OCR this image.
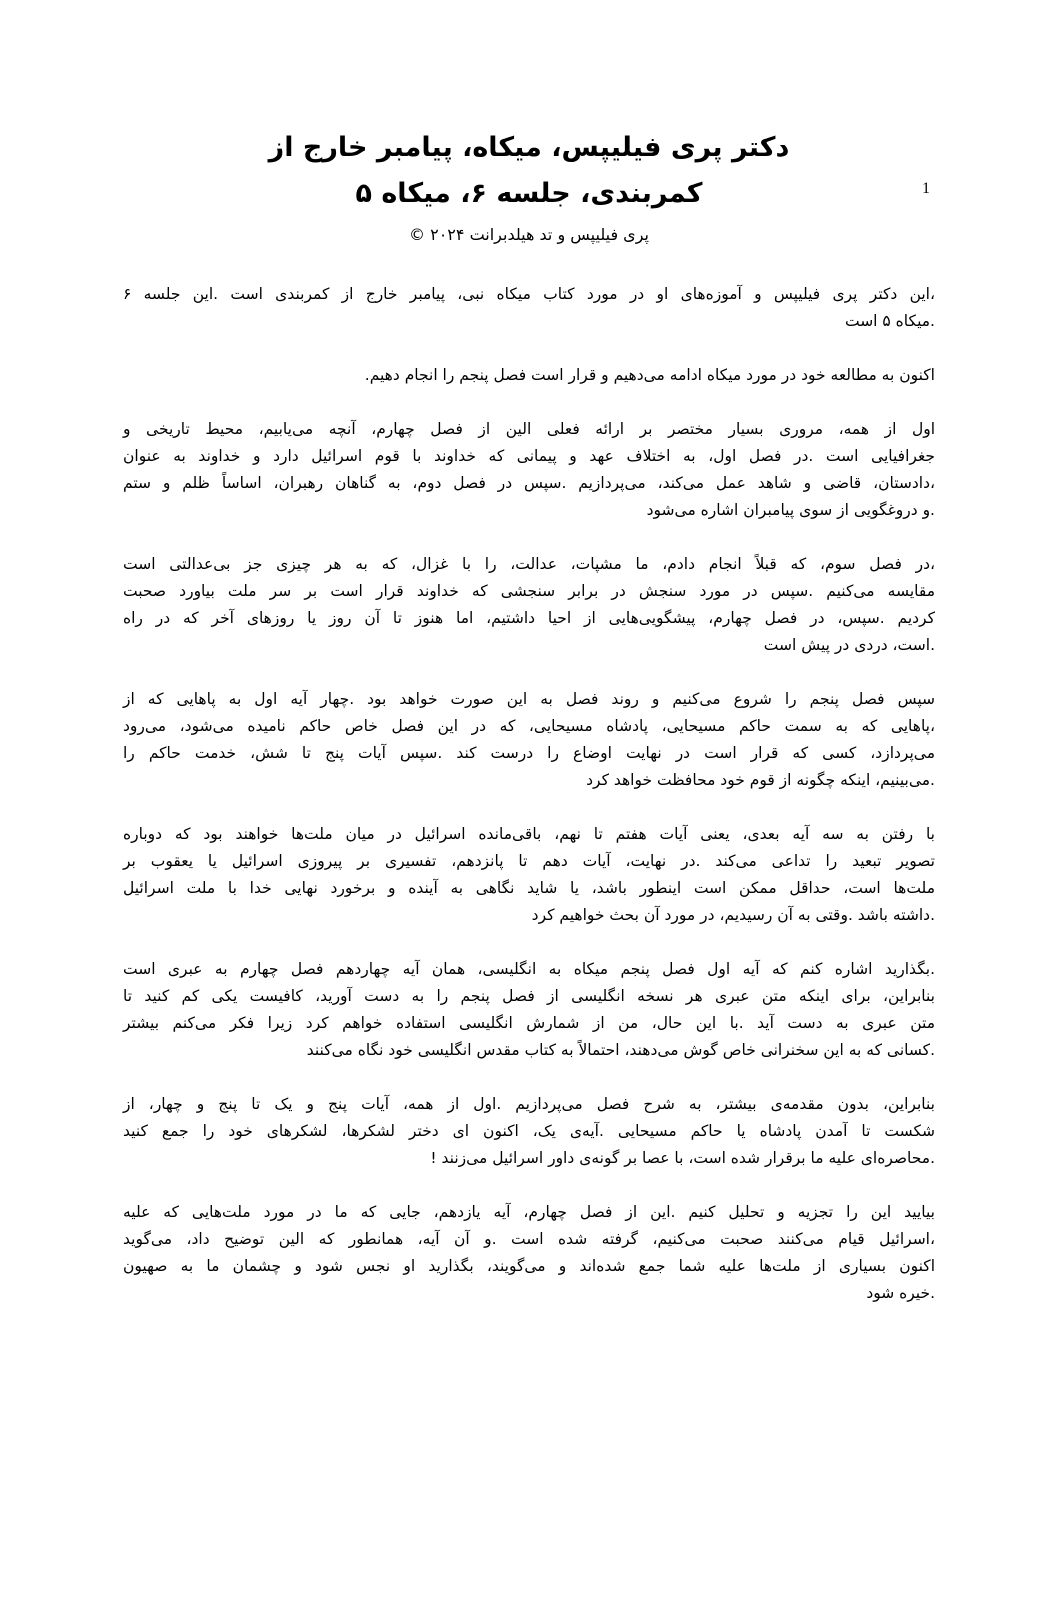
1
دکتر پری فیلیپس، میکاه، پیامبر خارج از
کمربندی، جلسه ۶، میکاه ۵
پری فیلیپس و تد هیلدبرانت ۲۰۲۴ ©
،این دکتر پری فیلیپس و آموزه‌های او در مورد کتاب میکاه نبی، پیامبر خارج از کمربندی است .این جلسه ۶
.میکاه ۵ است
اکنون به مطالعه خود در مورد میکاه ادامه می‌دهیم و قرار است فصل پنجم را انجام دهیم.
اول از همه، مروری بسیار مختصر بر ارائه فعلی الین از فصل چهارم، آنچه می‌یابیم، محیط تاریخی و
جغرافیایی است .در فصل اول، به اختلاف عهد و پیمانی که خداوند با قوم اسرائیل دارد و خداوند به عنوان
،دادستان، قاضی و شاهد عمل می‌کند، می‌پردازیم .سپس در فصل دوم، به گناهان رهبران، اساساً ظلم و ستم
.و دروغگویی از سوی پیامبران اشاره می‌شود
،در فصل سوم، که قبلاً انجام دادم، ما مشپات، عدالت، را با غزال، که به هر چیزی جز بی‌عدالتی است
مقایسه می‌کنیم .سپس در مورد سنجش در برابر سنجشی که خداوند قرار است بر سر ملت بیاورد صحبت
کردیم .سپس، در فصل چهارم، پیشگویی‌هایی از احیا داشتیم، اما هنوز تا آن روز یا روزهای آخر که در راه
.است، دردی در پیش است
سپس فصل پنجم را شروع می‌کنیم و روند فصل به این صورت خواهد بود .چهار آیه اول به پاهایی که از
،پاهایی که به سمت حاکم مسیحایی، پادشاه مسیحایی، که در این فصل خاص حاکم نامیده می‌شود، می‌رود
می‌پردازد، کسی که قرار است در نهایت اوضاع را درست کند .سپس آیات پنج تا شش، خدمت حاکم را
.می‌بینیم، اینکه چگونه از قوم خود محافظت خواهد کرد
با رفتن به سه آیه بعدی، یعنی آیات هفتم تا نهم، باقی‌مانده اسرائیل در میان ملت‌ها خواهند بود که دوباره
تصویر تبعید را تداعی می‌کند .در نهایت، آیات دهم تا پانزدهم، تفسیری بر پیروزی اسرائیل یا یعقوب بر
ملت‌ها است، حداقل ممکن است اینطور باشد، یا شاید نگاهی به آینده و برخورد نهایی خدا با ملت اسرائیل
.داشته باشد .وقتی به آن رسیدیم، در مورد آن بحث خواهیم کرد
.بگذارید اشاره کنم که آیه اول فصل پنجم میکاه به انگلیسی، همان آیه چهاردهم فصل چهارم به عبری است
بنابراین، برای اینکه متن عبری هر نسخه انگلیسی از فصل پنجم را به دست آورید، کافیست یکی کم کنید تا
متن عبری به دست آید .با این حال، من از شمارش انگلیسی استفاده خواهم کرد زیرا فکر می‌کنم بیشتر
.کسانی که به این سخنرانی خاص گوش می‌دهند، احتمالاً به کتاب مقدس انگلیسی خود نگاه می‌کنند
بنابراین، بدون مقدمه‌ی بیشتر، به شرح فصل می‌پردازیم .اول از همه، آیات پنج و یک تا پنج و چهار، از
شکست تا آمدن پادشاه یا حاکم مسیحایی .آیه‌ی یک، اکنون ای دختر لشکرها، لشکرهای خود را جمع کنید
.محاصره‌ای علیه ما برقرار شده است، با عصا بر گونه‌ی داور اسرائیل می‌زنند !
بیایید این را تجزیه و تحلیل کنیم .این از فصل چهارم، آیه یازدهم، جایی که ما در مورد ملت‌هایی که علیه
،اسرائیل قیام می‌کنند صحبت می‌کنیم، گرفته شده است .و آن آیه، همانطور که الین توضیح داد، می‌گوید
اکنون بسیاری از ملت‌ها علیه شما جمع شده‌اند و می‌گویند، بگذارید او نجس شود و چشمان ما به صهیون
.خیره شود
